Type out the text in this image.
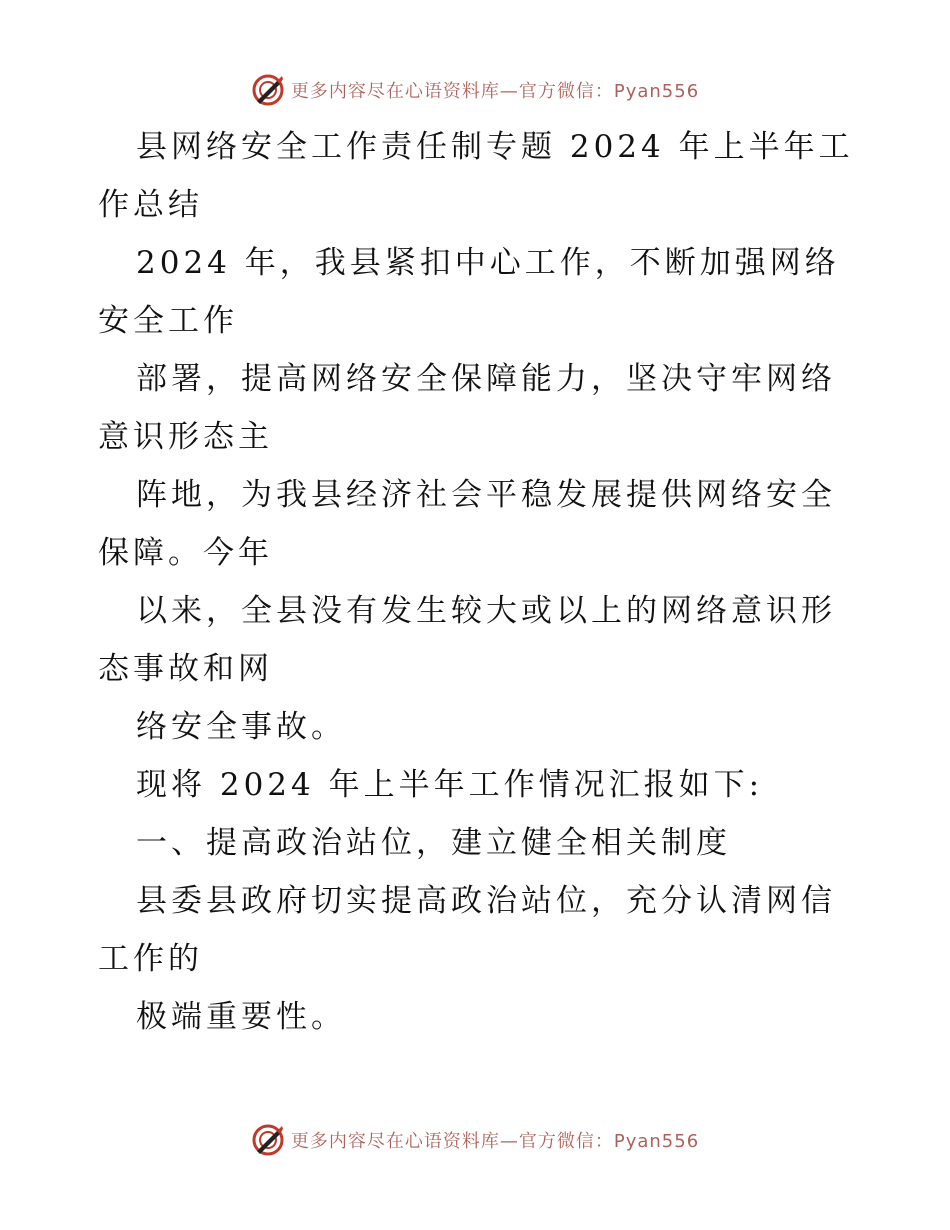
更多内容尽在心语资料库—官方微信：Pyan556

县网络安全工作责任制专题 2024 年上半年工作总结

2024 年，我县紧扣中心工作，不断加强网络安全工作

部署，提高网络安全保障能力，坚决守牢网络意识形态主

阵地，为我县经济社会平稳发展提供网络安全保障。今年

以来，全县没有发生较大或以上的网络意识形态事故和网

络安全事故。

现将 2024 年上半年工作情况汇报如下:

一、提高政治站位，建立健全相关制度

县委县政府切实提高政治站位，充分认清网信工作的

极端重要性。

更多内容尽在心语资料库—官方微信：Pyan556
